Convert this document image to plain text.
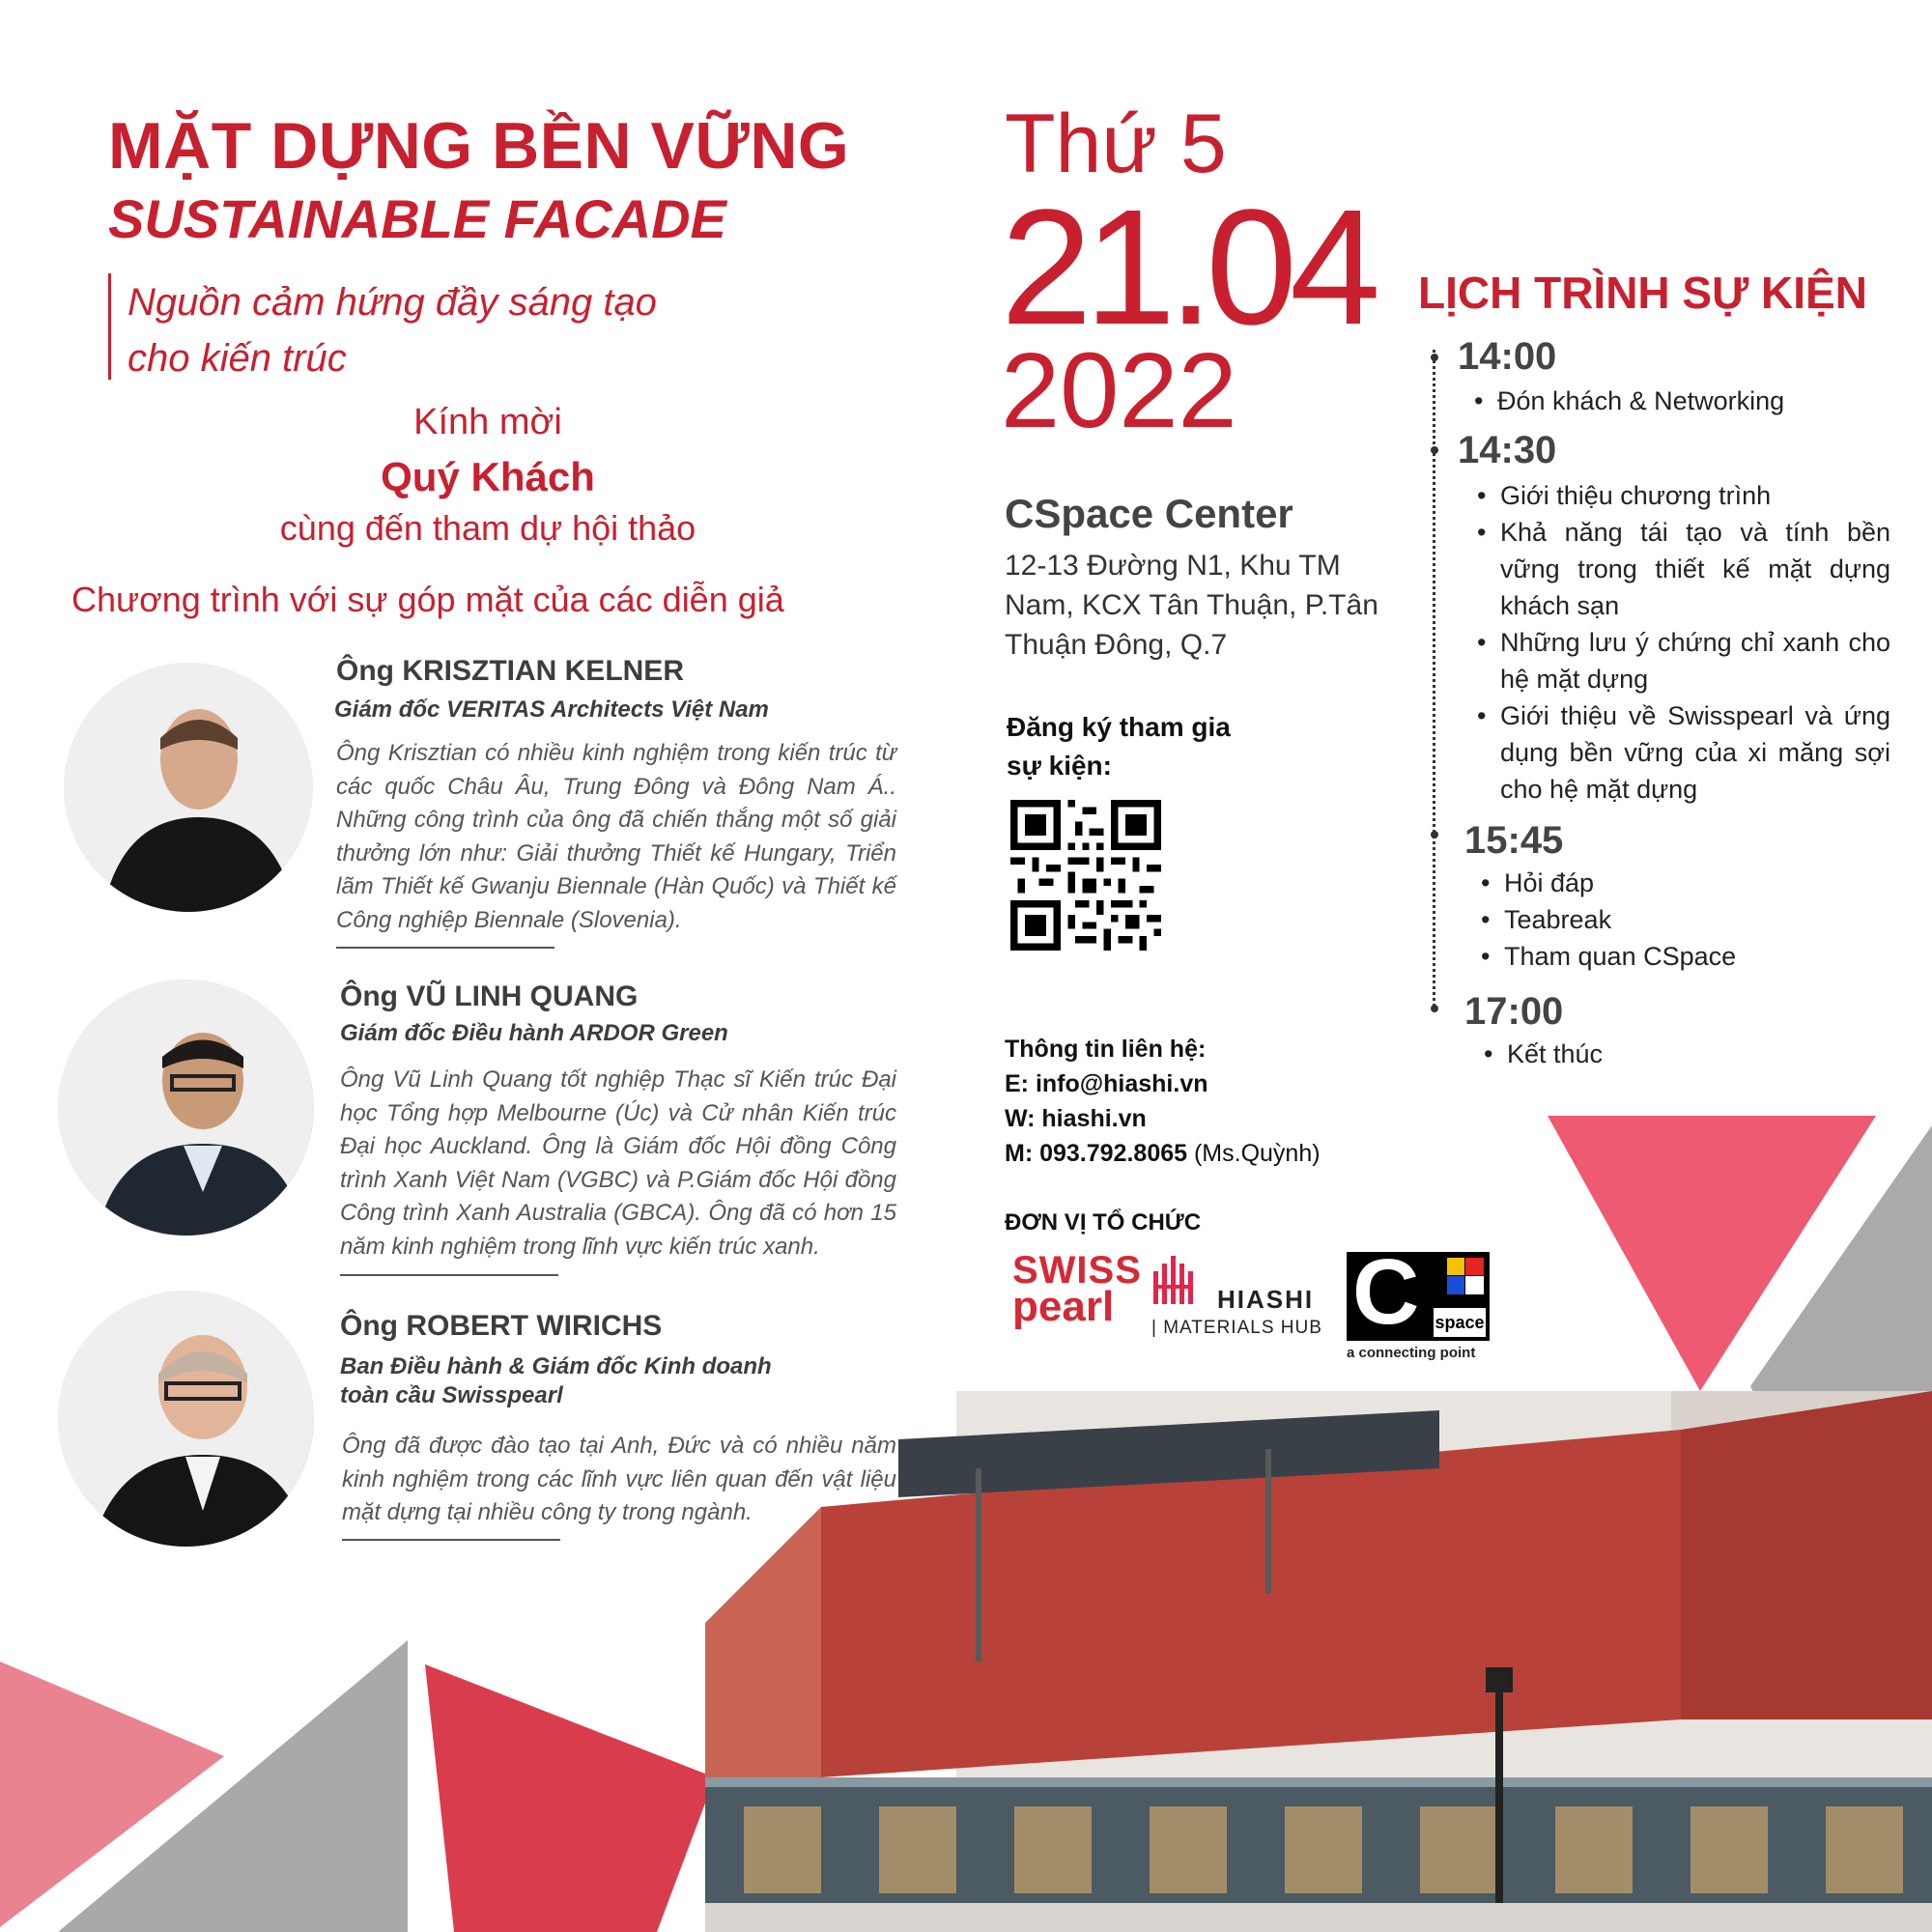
MẶT DỰNG BỀN VỮNG
SUSTAINABLE FACADE
Nguồn cảm hứng đầy sáng tạo
cho kiến trúc
Kính mời
Quý Khách
cùng đến tham dự hội thảo
Chương trình với sự góp mặt của các diễn giả
Ông KRISZTIAN KELNER
Giám đốc VERITAS Architects Việt Nam
Ông Krisztian có nhiều kinh nghiệm trong kiến trúc từ các quốc Châu Âu, Trung Đông và Đông Nam Á.. Những công trình của ông đã chiến thắng một số giải thưởng lớn như: Giải thưởng Thiết kế Hungary, Triển lãm Thiết kế Gwanju Biennale (Hàn Quốc) và Thiết kế Công nghiệp Biennale (Slovenia).
Ông VŨ LINH QUANG
Giám đốc Điều hành ARDOR Green
Ông Vũ Linh Quang tốt nghiệp Thạc sĩ Kiến trúc Đại học Tổng hợp Melbourne (Úc) và Cử nhân Kiến trúc Đại học Auckland. Ông là Giám đốc Hội đồng Công trình Xanh Việt Nam (VGBC) và P.Giám đốc Hội đồng Công trình Xanh Australia (GBCA). Ông đã có hơn 15 năm kinh nghiệm trong lĩnh vực kiến trúc xanh.
Ông ROBERT WIRICHS
Ban Điều hành & Giám đốc Kinh doanh
toàn cầu Swisspearl
Ông đã được đào tạo tại Anh, Đức và có nhiều năm kinh nghiệm trong các lĩnh vực liên quan đến vật liệu mặt dựng tại nhiều công ty trong ngành.
Thứ 5
21.04
2022
CSpace Center
12-13 Đường N1, Khu TM Nam, KCX Tân Thuận, P.Tân Thuận Đông, Q.7
Đăng ký tham gia
sự kiện:
Thông tin liên hệ:
E: info@hiashi.vn
W: hiashi.vn
M: 093.792.8065 (Ms.Quỳnh)
ĐƠN VỊ TỔ CHỨC
SWISS
pearl	HIASHI
| MATERIALS HUB C space
a connecting point
LỊCH TRÌNH SỰ KIỆN
14:00
• Đón khách & Networking
14:30
• Giới thiệu chương trình
• Khả năng tái tạo và tính bền vững trong thiết kế mặt dựng khách sạn
• Những lưu ý chứng chỉ xanh cho hệ mặt dựng
• Giới thiệu về Swisspearl và ứng dụng bền vững của xi măng sợi cho hệ mặt dựng
15:45
• Hỏi đáp
• Teabreak
• Tham quan CSpace
17:00
• Kết thúc
